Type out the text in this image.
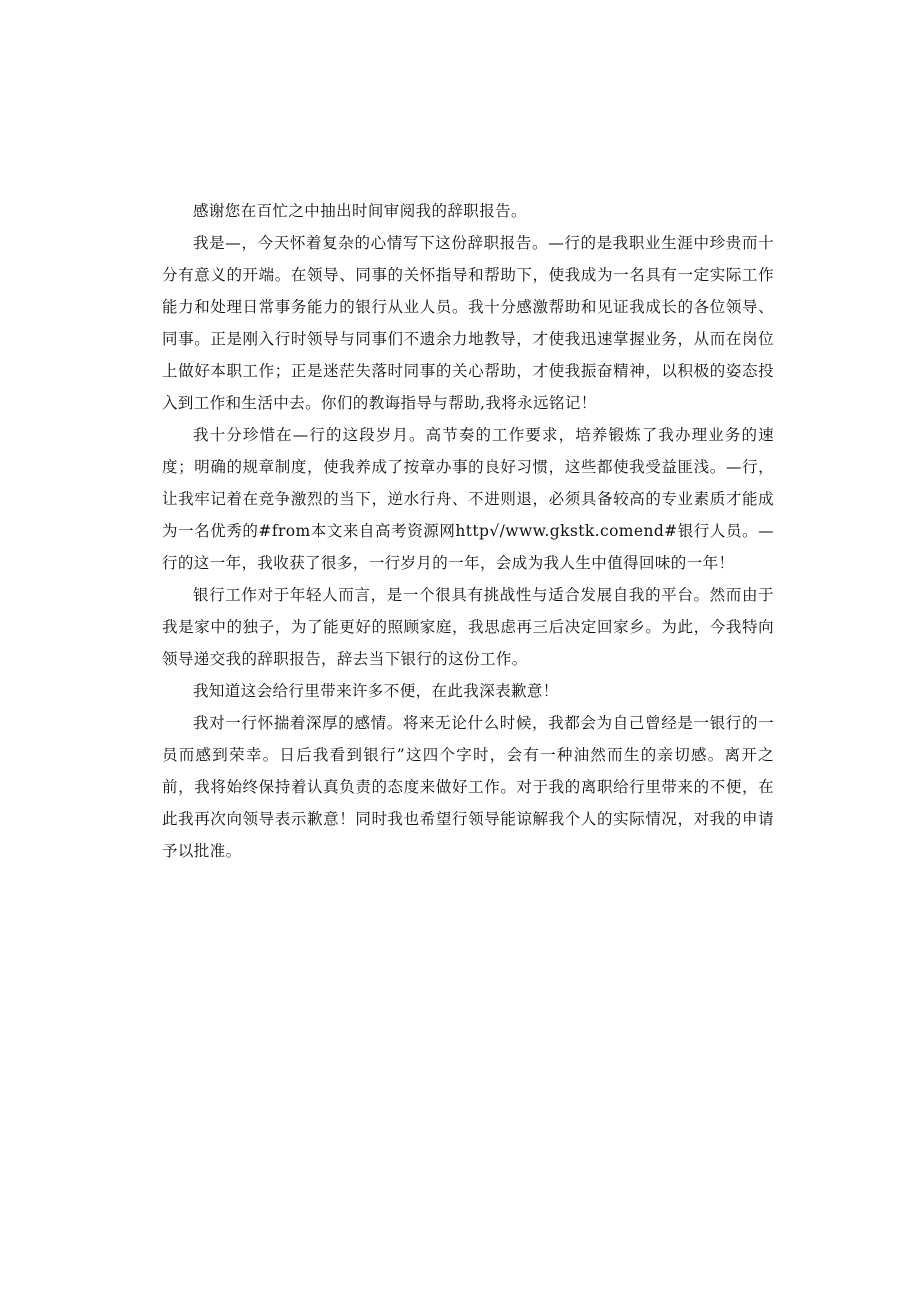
感谢您在百忙之中抽出时间审阅我的辞职报告。

我是—，今天怀着复杂的心情写下这份辞职报告。—行的是我职业生涯中珍贵而十分有意义的开端。在领导、同事的关怀指导和帮助下，使我成为一名具有一定实际工作能力和处理日常事务能力的银行从业人员。我十分感激帮助和见证我成长的各位领导、同事。正是刚入行时领导与同事们不遗余力地教导，才使我迅速掌握业务，从而在岗位上做好本职工作；正是迷茫失落时同事的关心帮助，才使我振奋精神，以积极的姿态投入到工作和生活中去。你们的教诲指导与帮助,我将永远铭记！

我十分珍惜在—行的这段岁月。高节奏的工作要求，培养锻炼了我办理业务的速度；明确的规章制度，使我养成了按章办事的良好习惯，这些都使我受益匪浅。—行，让我牢记着在竞争激烈的当下，逆水行舟、不进则退，必须具备较高的专业素质才能成为一名优秀的#from本文来自高考资源网http√/www.gkstk.comend#银行人员。—行的这一年，我收获了很多，一行岁月的一年，会成为我人生中值得回味的一年！

银行工作对于年轻人而言，是一个很具有挑战性与适合发展自我的平台。然而由于我是家中的独子，为了能更好的照顾家庭，我思虑再三后决定回家乡。为此，今我特向领导递交我的辞职报告，辞去当下银行的这份工作。

我知道这会给行里带来许多不便，在此我深表歉意！

我对一行怀揣着深厚的感情。将来无论什么时候，我都会为自己曾经是一银行的一员而感到荣幸。日后我看到银行”这四个字时，会有一种油然而生的亲切感。离开之前，我将始终保持着认真负责的态度来做好工作。对于我的离职给行里带来的不便，在此我再次向领导表示歉意！同时我也希望行领导能谅解我个人的实际情况，对我的申请予以批准。
